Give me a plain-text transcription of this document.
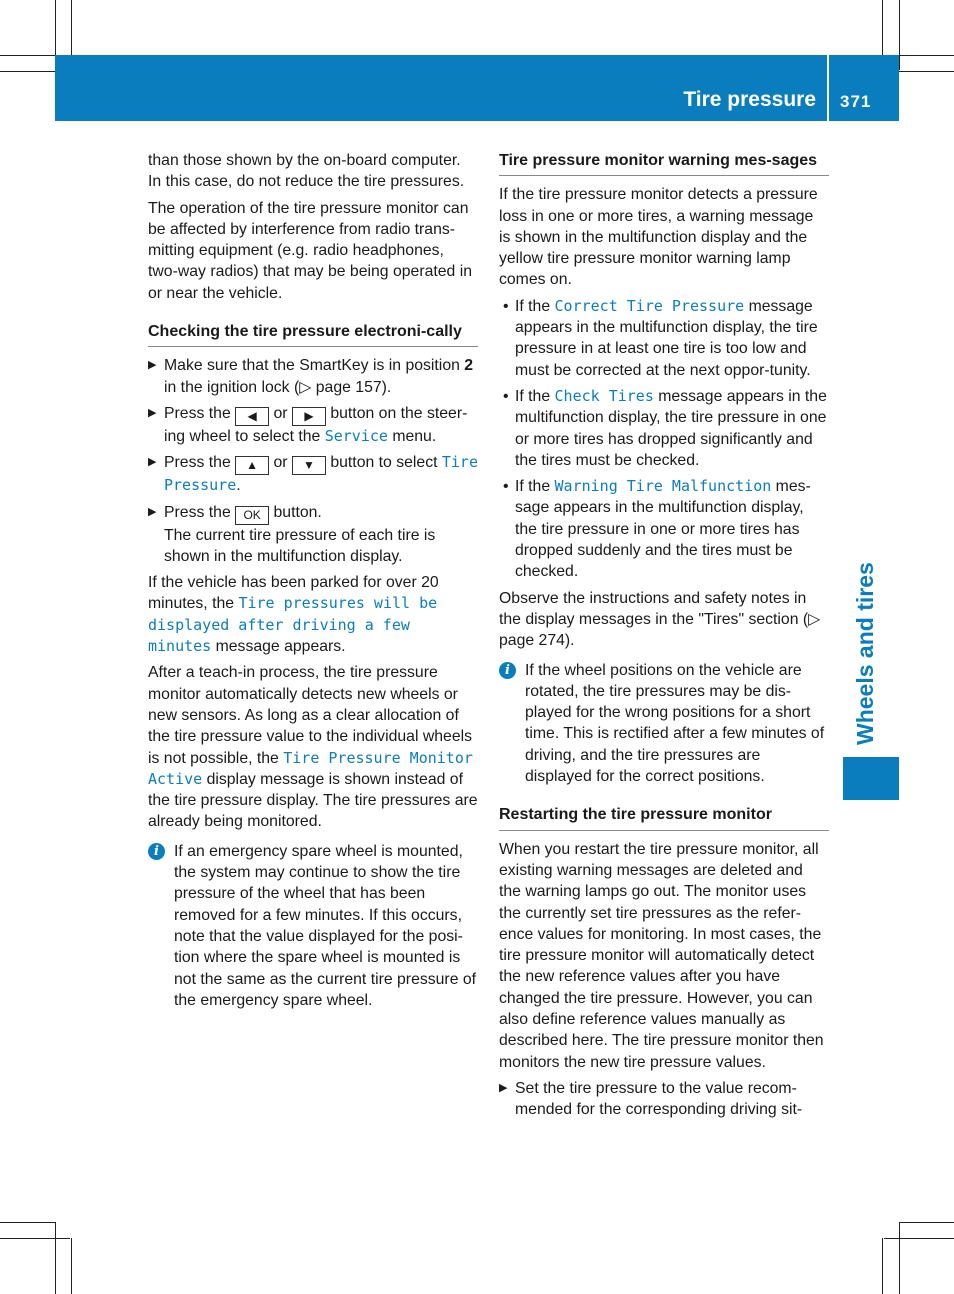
Tire pressure 371
Wheels and tires

than those shown by the on-board computer. In this case, do not reduce the tire pressures.

The operation of the tire pressure monitor can be affected by interference from radio trans-mitting equipment (e.g. radio headphones, two-way radios) that may be being operated in or near the vehicle.

Checking the tire pressure electroni-cally
▶ Make sure that the SmartKey is in position 2 in the ignition lock (▷ page 157).
▶ Press the ◀ or ▶ button on the steer-ing wheel to select the Service menu.
▶ Press the ▲ or ▼ button to select Tire Pressure.
▶ Press the OK button.
The current tire pressure of each tire is shown in the multifunction display.

If the vehicle has been parked for over 20 minutes, the Tire pressures will be displayed after driving a few minutes message appears.

After a teach-in process, the tire pressure monitor automatically detects new wheels or new sensors. As long as a clear allocation of the tire pressure value to the individual wheels is not possible, the Tire Pressure Monitor Active display message is shown instead of the tire pressure display. The tire pressures are already being monitored.

i If an emergency spare wheel is mounted, the system may continue to show the tire pressure of the wheel that has been removed for a few minutes. If this occurs, note that the value displayed for the posi-tion where the spare wheel is mounted is not the same as the current tire pressure of the emergency spare wheel.
Tire pressure monitor warning mes-sages

If the tire pressure monitor detects a pressure loss in one or more tires, a warning message is shown in the multifunction display and the yellow tire pressure monitor warning lamp comes on.

• If the Correct Tire Pressure message appears in the multifunction display, the tire pressure in at least one tire is too low and must be corrected at the next oppor-tunity.
• If the Check Tires message appears in the multifunction display, the tire pressure in one or more tires has dropped significantly and the tires must be checked.
• If the Warning Tire Malfunction mes-sage appears in the multifunction display, the tire pressure in one or more tires has dropped suddenly and the tires must be checked.

Observe the instructions and safety notes in the display messages in the "Tires" section (▷ page 274).

i If the wheel positions on the vehicle are rotated, the tire pressures may be dis-played for the wrong positions for a short time. This is rectified after a few minutes of driving, and the tire pressures are displayed for the correct positions.
Restarting the tire pressure monitor

When you restart the tire pressure monitor, all existing warning messages are deleted and the warning lamps go out. The monitor uses the currently set tire pressures as the refer-ence values for monitoring. In most cases, the tire pressure monitor will automatically detect the new reference values after you have changed the tire pressure. However, you can also define reference values manually as described here. The tire pressure monitor then monitors the new tire pressure values.

▶ Set the tire pressure to the value recom-mended for the corresponding driving sit-
